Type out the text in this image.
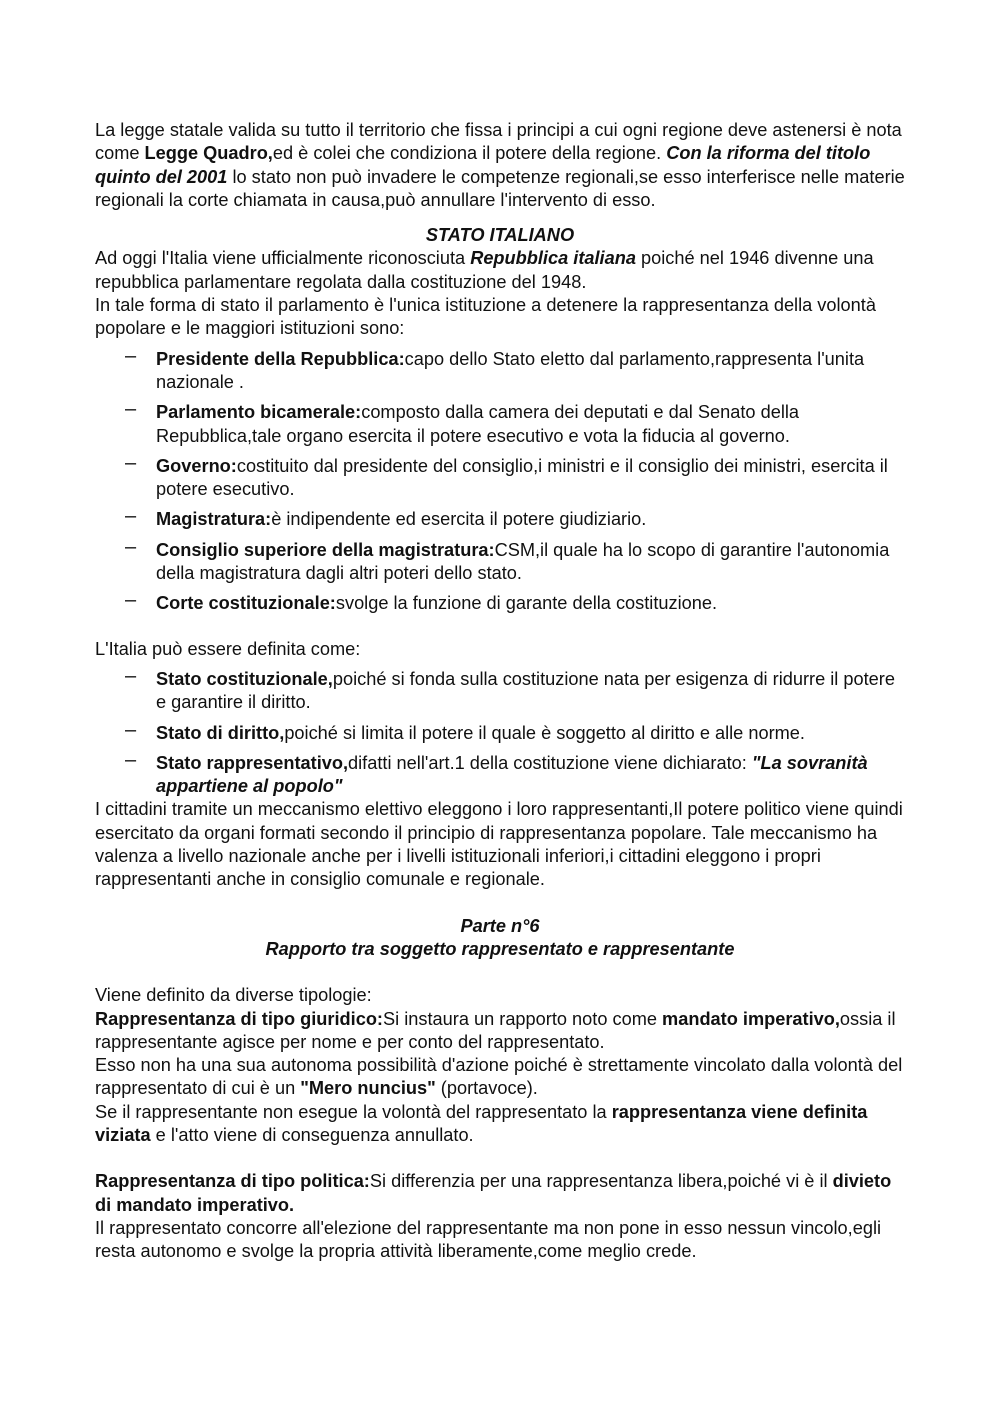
La legge statale valida su tutto il territorio che fissa i principi a cui ogni regione deve astenersi è nota come Legge Quadro,ed è colei che condiziona il potere della regione. Con la riforma del titolo quinto del 2001 lo stato non può invadere le competenze regionali,se esso interferisce nelle materie regionali la corte chiamata in causa,può annullare l'intervento di esso.

STATO ITALIANO

Ad oggi l'Italia viene ufficialmente riconosciuta Repubblica italiana poiché nel 1946 divenne una repubblica parlamentare regolata dalla costituzione del 1948.

In tale forma di stato il parlamento è l'unica istituzione a detenere la rappresentanza della volontà popolare e le maggiori istituzioni sono:

– Presidente della Repubblica:capo dello Stato eletto dal parlamento,rappresenta l'unita nazionale .
– Parlamento bicamerale:composto dalla camera dei deputati e dal Senato della Repubblica,tale organo esercita il potere esecutivo e vota la fiducia al governo.
– Governo:costituito dal presidente del consiglio,i ministri e il consiglio dei ministri, esercita il potere esecutivo.
– Magistratura:è indipendente ed esercita il potere giudiziario.
– Consiglio superiore della magistratura:CSM,il quale ha lo scopo di garantire l'autonomia della magistratura dagli altri poteri dello stato.
– Corte costituzionale:svolge la funzione di garante della costituzione.

L'Italia può essere definita come:

– Stato costituzionale,poiché si fonda sulla costituzione nata per esigenza di ridurre il potere e garantire il diritto.
– Stato di diritto,poiché si limita il potere il quale è soggetto al diritto e alle norme.
– Stato rappresentativo,difatti nell'art.1 della costituzione viene dichiarato: "La sovranità appartiene al popolo"

I cittadini tramite un meccanismo elettivo eleggono i loro rappresentanti,Il potere politico viene quindi esercitato da organi formati secondo il principio di rappresentanza popolare. Tale meccanismo ha valenza a livello nazionale anche per i livelli istituzionali inferiori,i cittadini eleggono i propri rappresentanti anche in consiglio comunale e regionale.

Parte n°6

Rapporto tra soggetto rappresentato e rappresentante

Viene definito da diverse tipologie:

Rappresentanza di tipo giuridico:Si instaura un rapporto noto come mandato imperativo,ossia il rappresentante agisce per nome e per conto del rappresentato.

Esso non ha una sua autonoma possibilità d'azione poiché è strettamente vincolato dalla volontà del rappresentato di cui è un "Mero nuncius" (portavoce).

Se il rappresentante non esegue la volontà del rappresentato la rappresentanza viene definita viziata e l'atto viene di conseguenza annullato.

Rappresentanza di tipo politica:Si differenzia per una rappresentanza libera,poiché vi è il divieto di mandato imperativo.

Il rappresentato concorre all'elezione del rappresentante ma non pone in esso nessun vincolo,egli resta autonomo e svolge la propria attività liberamente,come meglio crede.
